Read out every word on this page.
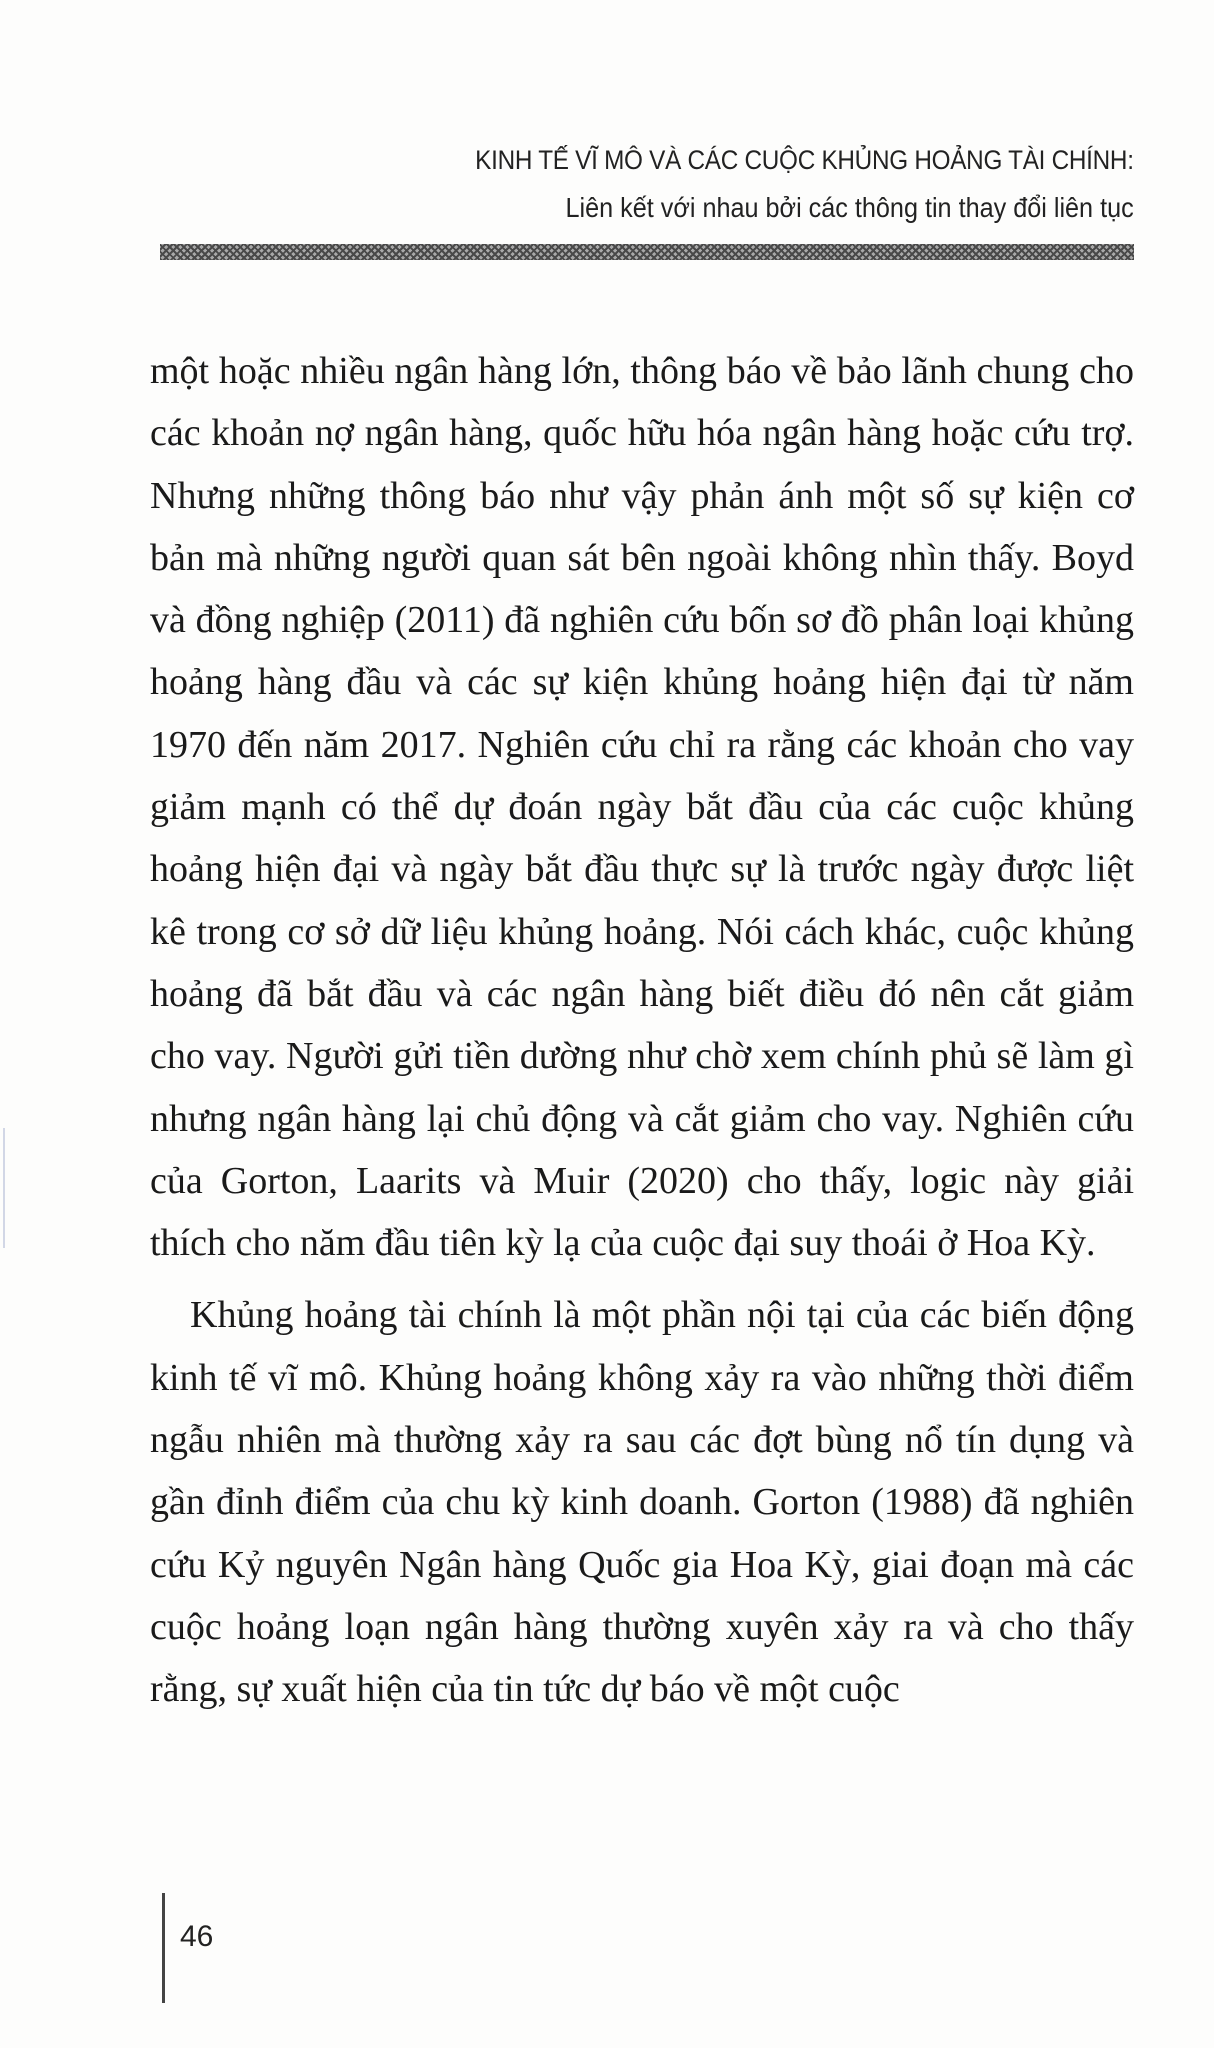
KINH TẾ VĨ MÔ VÀ CÁC CUỘC KHỦNG HOẢNG TÀI CHÍNH:
Liên kết với nhau bởi các thông tin thay đổi liên tục

một hoặc nhiều ngân hàng lớn, thông báo về bảo lãnh chung cho các khoản nợ ngân hàng, quốc hữu hóa ngân hàng hoặc cứu trợ. Nhưng những thông báo như vậy phản ánh một số sự kiện cơ bản mà những người quan sát bên ngoài không nhìn thấy. Boyd và đồng nghiệp (2011) đã nghiên cứu bốn sơ đồ phân loại khủng hoảng hàng đầu và các sự kiện khủng hoảng hiện đại từ năm 1970 đến năm 2017. Nghiên cứu chỉ ra rằng các khoản cho vay giảm mạnh có thể dự đoán ngày bắt đầu của các cuộc khủng hoảng hiện đại và ngày bắt đầu thực sự là trước ngày được liệt kê trong cơ sở dữ liệu khủng hoảng. Nói cách khác, cuộc khủng hoảng đã bắt đầu và các ngân hàng biết điều đó nên cắt giảm cho vay. Người gửi tiền dường như chờ xem chính phủ sẽ làm gì nhưng ngân hàng lại chủ động và cắt giảm cho vay. Nghiên cứu của Gorton, Laarits và Muir (2020) cho thấy, logic này giải thích cho năm đầu tiên kỳ lạ của cuộc đại suy thoái ở Hoa Kỳ.

Khủng hoảng tài chính là một phần nội tại của các biến động kinh tế vĩ mô. Khủng hoảng không xảy ra vào những thời điểm ngẫu nhiên mà thường xảy ra sau các đợt bùng nổ tín dụng và gần đỉnh điểm của chu kỳ kinh doanh. Gorton (1988) đã nghiên cứu Kỷ nguyên Ngân hàng Quốc gia Hoa Kỳ, giai đoạn mà các cuộc hoảng loạn ngân hàng thường xuyên xảy ra và cho thấy rằng, sự xuất hiện của tin tức dự báo về một cuộc

46
